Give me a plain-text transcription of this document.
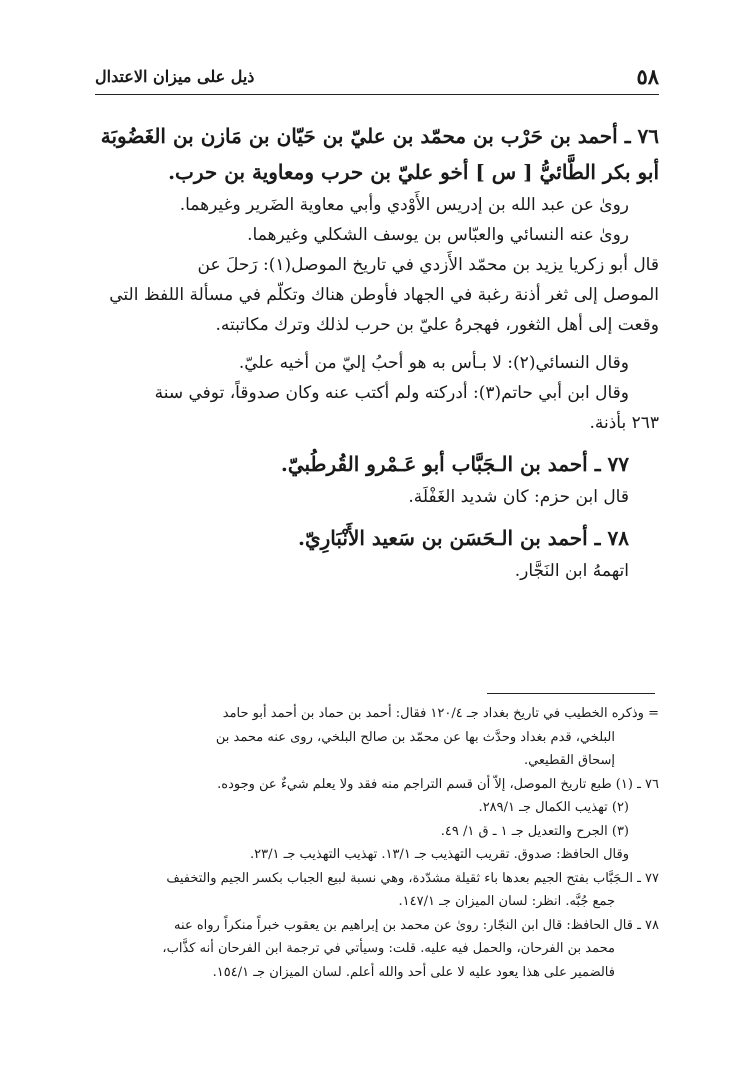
٥٨
ذيل على ميزان الاعتدال
٧٦ ـ أحمد بن حَرْب بن محمّد بن عليّ بن حَيّان بن مَازن بن الغَضُوبَة
أبو بكر الطَّائيُّ [ س ] أخو عليّ بن حرب ومعاوية بن حرب.
رویٰ عن عبد الله بن إدريس الأَوْدي وأبي معاوية الضَرير وغيرهما.
رویٰ عنه النسائي والعبّاس بن يوسف الشكلي وغيرهما.
قال أبو زكريا يزيد بن محمّد الأَزدي في تاريخ الموصل(١): رَحلَ عن
الموصل إلى ثغر أذنة رغبة في الجهاد فأوطن هناك وتكلّم في مسألة اللفظ التي
وقعت إلى أهل الثغور، فهجرهُ عليّ بن حرب لذلك وترك مكاتبته.
وقال النسائي(٢): لا بـأس به هو أحبُ إليّ من أخيه عليّ.
وقال ابن أبي حاتم(٣): أدركته ولم أكتب عنه وكان صدوقاً، توفي سنة
٢٦٣ بأذنة.
٧٧ ـ أحمد بن الـجَبَّاب أبو عَـمْرو القُرطُبيّ.
قال ابن حزم: كان شديد الغَفْلَة.
٧٨ ـ أحمد بن الـحَسَن بن سَعيد الأَنْبَارِيّ.
اتهمهُ ابن النَجَّار.
= وذكره الخطيب في تاريخ بغداد جـ ١٢٠/٤ فقال: أحمد بن حماد بن أحمد أبو حامد
البلخي، قدم بغداد وحدَّث بها عن محمّد بن صالح البلخي، روى عنه محمد بن
إسحاق القطيعي.
٧٦ ـ (١) طبع تاريخ الموصل، إلاّ أن قسم التراجم منه فقد ولا يعلم شيءٌ عن وجوده.
(٢) تهذيب الكمال جـ ٢٨٩/١.
(٣) الجرح والتعديل جـ ١ ـ ق ١/ ٤٩.
وقال الحافظ: صدوق. تقريب التهذيب جـ ١٣/١. تهذيب التهذيب جـ ٢٣/١.
٧٧ ـ الـجَبَّاب بفتح الجيم بعدها باء ثقيلة مشدّدة، وهي نسبة لبيع الجباب بكسر الجيم والتخفيف
جمع جُبَّه. انظر: لسان الميزان جـ ١٤٧/١.
٧٨ ـ قال الحافظ: قال ابن النجّار: رویٰ عن محمد بن إبراهيم بن يعقوب خبراً منكراً رواه عنه
محمد بن الفرحان، والحمل فيه عليه. قلت: وسيأتي في ترجمة ابن الفرحان أنه كذَّاب،
فالضمير على هذا يعود عليه لا على أحد والله أعلم. لسان الميزان جـ ١٥٤/١.
